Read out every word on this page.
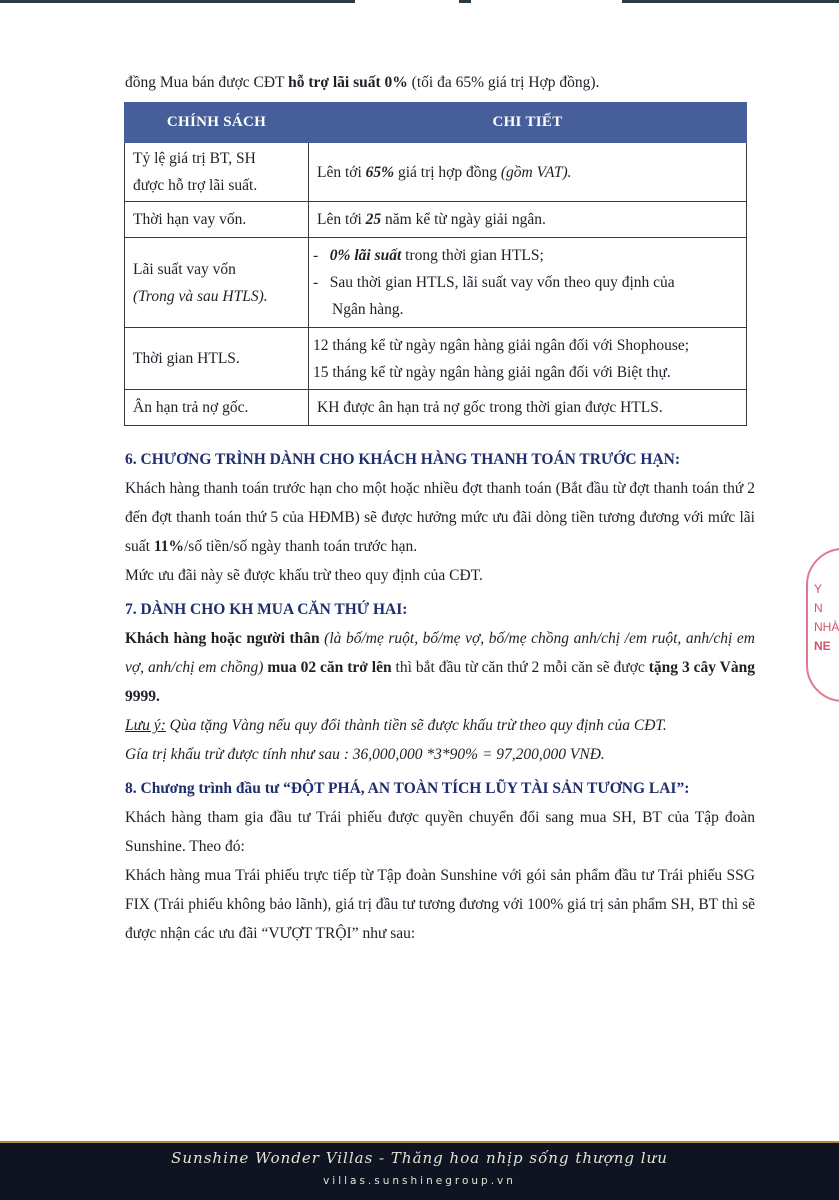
đồng Mua bán được CĐT hỗ trợ lãi suất 0% (tối đa 65% giá trị Hợp đồng).
CHÍNH SÁCH	CHI TIẾT

Tỷ lệ giá trị BT, SH
được hỗ trợ lãi suất.	Lên tới 65% giá trị hợp đồng (gồm VAT).
Thời hạn vay vốn.	Lên tới 25 năm kể từ ngày giải ngân.

Lãi suất vay vốn
(Trong và sau HTLS).	-   0% lãi suất trong thời gian HTLS;
-   Sau thời gian HTLS, lãi suất vay vốn theo quy định của
Ngân hàng.

Thời gian HTLS.	12 tháng kể từ ngày ngân hàng giải ngân đối với Shophouse;
15 tháng kể từ ngày ngân hàng giải ngân đối với Biệt thự.

Ân hạn trả nợ gốc.	KH được ân hạn trả nợ gốc trong thời gian được HTLS.
6. CHƯƠNG TRÌNH DÀNH CHO KHÁCH HÀNG THANH TOÁN TRƯỚC HẠN:
Khách hàng thanh toán trước hạn cho một hoặc nhiều đợt thanh toán (Bắt đầu từ đợt thanh toán thứ 2 đến đợt thanh toán thứ 5 của HĐMB) sẽ được hưởng mức ưu đãi dòng tiền tương đương với mức lãi suất 11%/số tiền/số ngày thanh toán trước hạn.
Mức ưu đãi này sẽ được khấu trừ theo quy định của CĐT.
7. DÀNH CHO KH MUA CĂN THỨ HAI:
Khách hàng hoặc người thân (là bố/mẹ ruột, bố/mẹ vợ, bố/mẹ chồng anh/chị /em ruột, anh/chị em vợ, anh/chị em chồng) mua 02 căn trở lên thì bắt đầu từ căn thứ 2 mỗi căn sẽ được tặng 3 cây Vàng 9999.
Lưu ý: Qùa tặng Vàng nếu quy đổi thành tiền sẽ được khấu trừ theo quy định của CĐT.
Gía trị khấu trừ được tính như sau : 36,000,000 *3*90% = 97,200,000 VNĐ.
8. Chương trình đầu tư “ĐỘT PHÁ, AN TOÀN TÍCH LŨY TÀI SẢN TƯƠNG LAI”:
Khách hàng tham gia đầu tư Trái phiếu được quyền chuyển đổi sang mua SH, BT của Tập đoàn Sunshine. Theo đó:
Khách hàng mua Trái phiếu trực tiếp từ Tập đoàn Sunshine với gói sản phẩm đầu tư Trái phiếu SSG FIX (Trái phiếu không bảo lãnh), giá trị đầu tư tương đương với 100% giá trị sản phẩm SH, BT thì sẽ được nhận các ưu đãi “VƯỢT TRỘI” như sau:
Y
N
NHÀ
NE
Sunshine Wonder Villas - Thăng hoa nhịp sống thượng lưu
villas.sunshinegroup.vn
